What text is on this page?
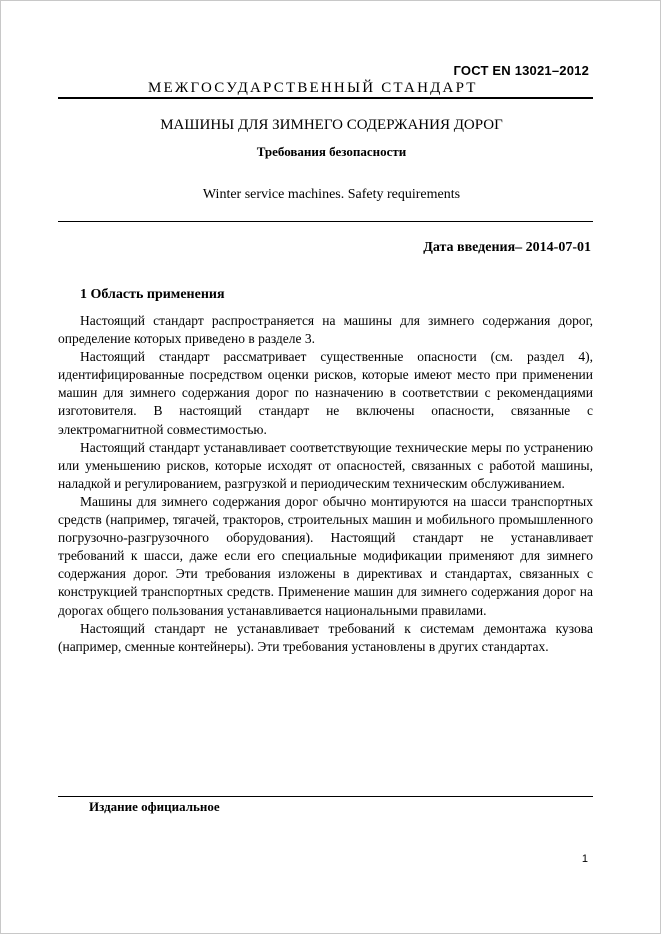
ГОСТ EN 13021–2012
МЕЖГОСУДАРСТВЕННЫЙ СТАНДАРТ
МАШИНЫ ДЛЯ ЗИМНЕГО СОДЕРЖАНИЯ ДОРОГ
Требования безопасности
Winter service machines. Safety requirements
Дата введения– 2014-07-01
1 Область применения

Настоящий стандарт распространяется на машины для зимнего содержания дорог, определение которых приведено в разделе 3.

Настоящий стандарт рассматривает существенные опасности (см. раздел 4), идентифицированные посредством оценки рисков, которые имеют место при применении машин для зимнего содержания дорог по назначению в соответствии с рекомендациями изготовителя. В настоящий стандарт не включены опасности, связанные с электромагнитной совместимостью.

Настоящий стандарт устанавливает соответствующие технические меры по устранению или уменьшению рисков, которые исходят от опасностей, связанных с работой машины, наладкой и регулированием, разгрузкой и периодическим техническим обслуживанием.

Машины для зимнего содержания дорог обычно монтируются на шасси транспортных средств (например, тягачей, тракторов, строительных машин и мобильного промышленного погрузочно-разгрузочного оборудования). Настоящий стандарт не устанавливает требований к шасси, даже если его специальные модификации применяют для зимнего содержания дорог. Эти требования изложены в директивах и стандартах, связанных с конструкцией транспортных средств. Применение машин для зимнего содержания дорог на дорогах общего пользования устанавливается национальными правилами.

Настоящий стандарт не устанавливает требований к системам демонтажа кузова (например, сменные контейнеры). Эти требования установлены в других стандартах.

Издание официальное
1
